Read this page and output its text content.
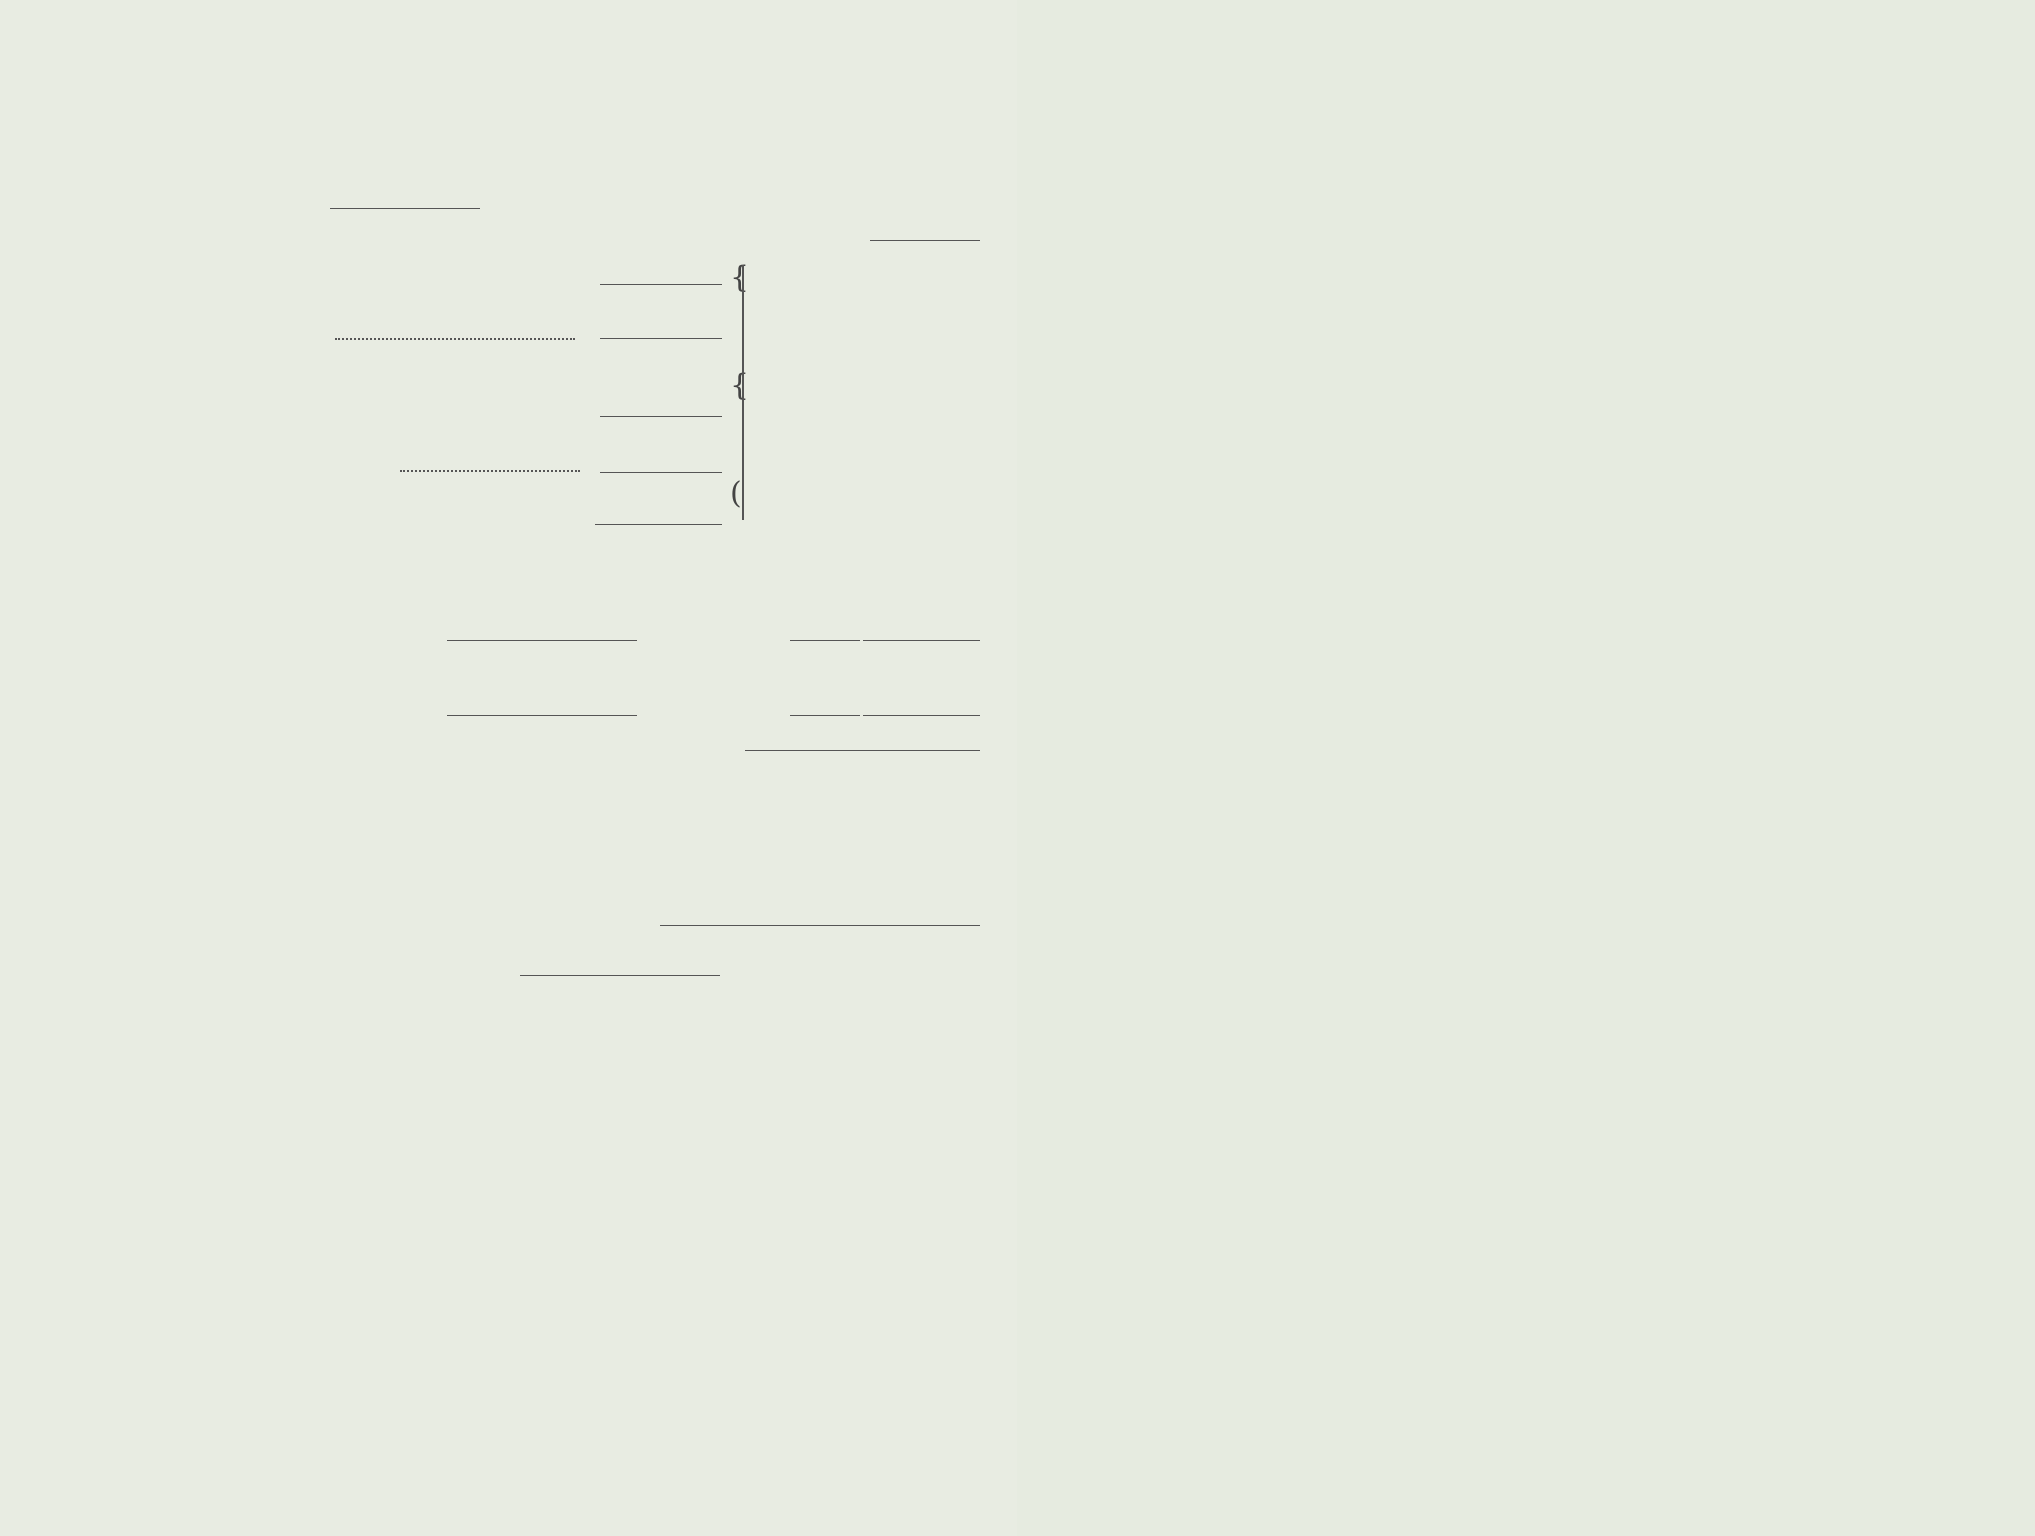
{

{

(
